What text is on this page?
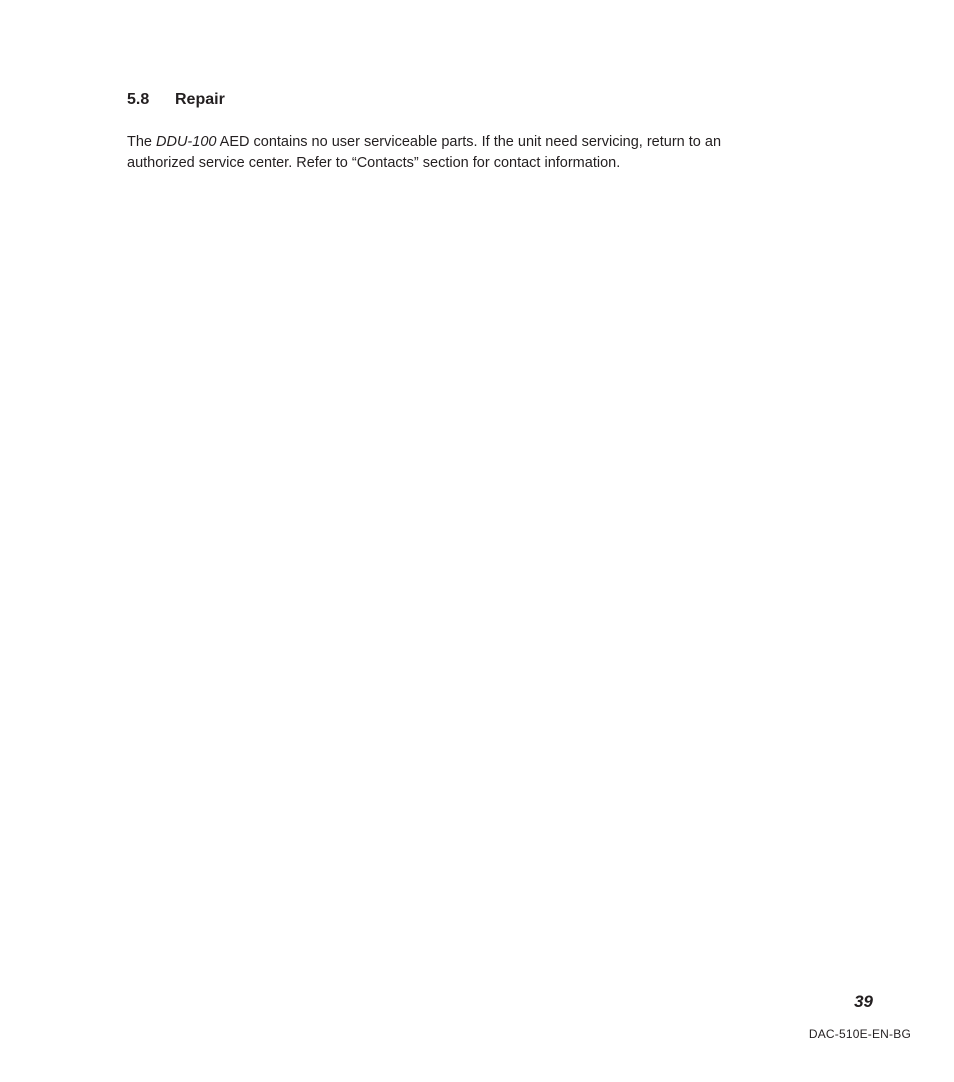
5.8 Repair

The DDU-100 AED contains no user serviceable parts. If the unit need servicing, return to an
authorized service center. Refer to “Contacts” section for contact information.

39
DAC-510E-EN-BG
